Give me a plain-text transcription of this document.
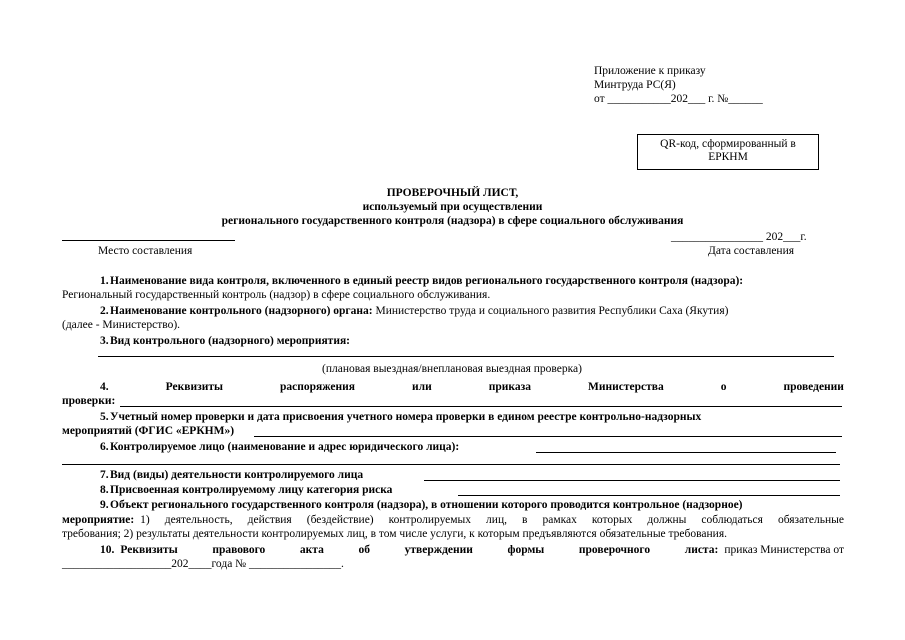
Приложение к приказу
Минтруда РС(Я)
от ___________202___ г. №______
QR-код, сформированный в
ЕРКНМ
ПРОВЕРОЧНЫЙ ЛИСТ,
используемый при осуществлении
регионального государственного контроля (надзора) в сфере социального обслуживания
Место составления
________________ 202___г.
Дата составления
1.Наименование вида контроля, включенного в единый реестр видов регионального государственного контроля (надзора):
Региональный государственный контроль (надзор) в сфере социального обслуживания.
2.Наименование контрольного (надзорного) органа: Министерство труда и социального развития Республики Саха (Якутия)
(далее - Министерство).
3.Вид контрольного (надзорного) мероприятия:
(плановая выездная/внеплановая выездная проверка)
4.	Реквизиты	распоряжения	или	приказа	Министерства	о	проведении
проверки:
5.Учетный номер проверки и дата присвоения учетного номера проверки в едином реестре контрольно-надзорных
мероприятий (ФГИС «ЕРКНМ»)
6.Контролируемое лицо (наименование и адрес юридического лица):
7.Вид (виды) деятельности контролируемого лица
8.Присвоенная контролируемому лицу категория риска
9.Объект регионального государственного контроля (надзора), в отношении которого проводится контрольное (надзорное)
мероприятие: 1) деятельность, действия (бездействие) контролируемых лиц, в рамках которых должны соблюдаться обязательные
требования; 2) результаты деятельности контролируемых лиц, в том числе услуги, к которым предъявляются обязательные требования.
10. Реквизиты правового акта об утверждении формы проверочного листа: приказ Министерства от
___________________202____года № ________________.
